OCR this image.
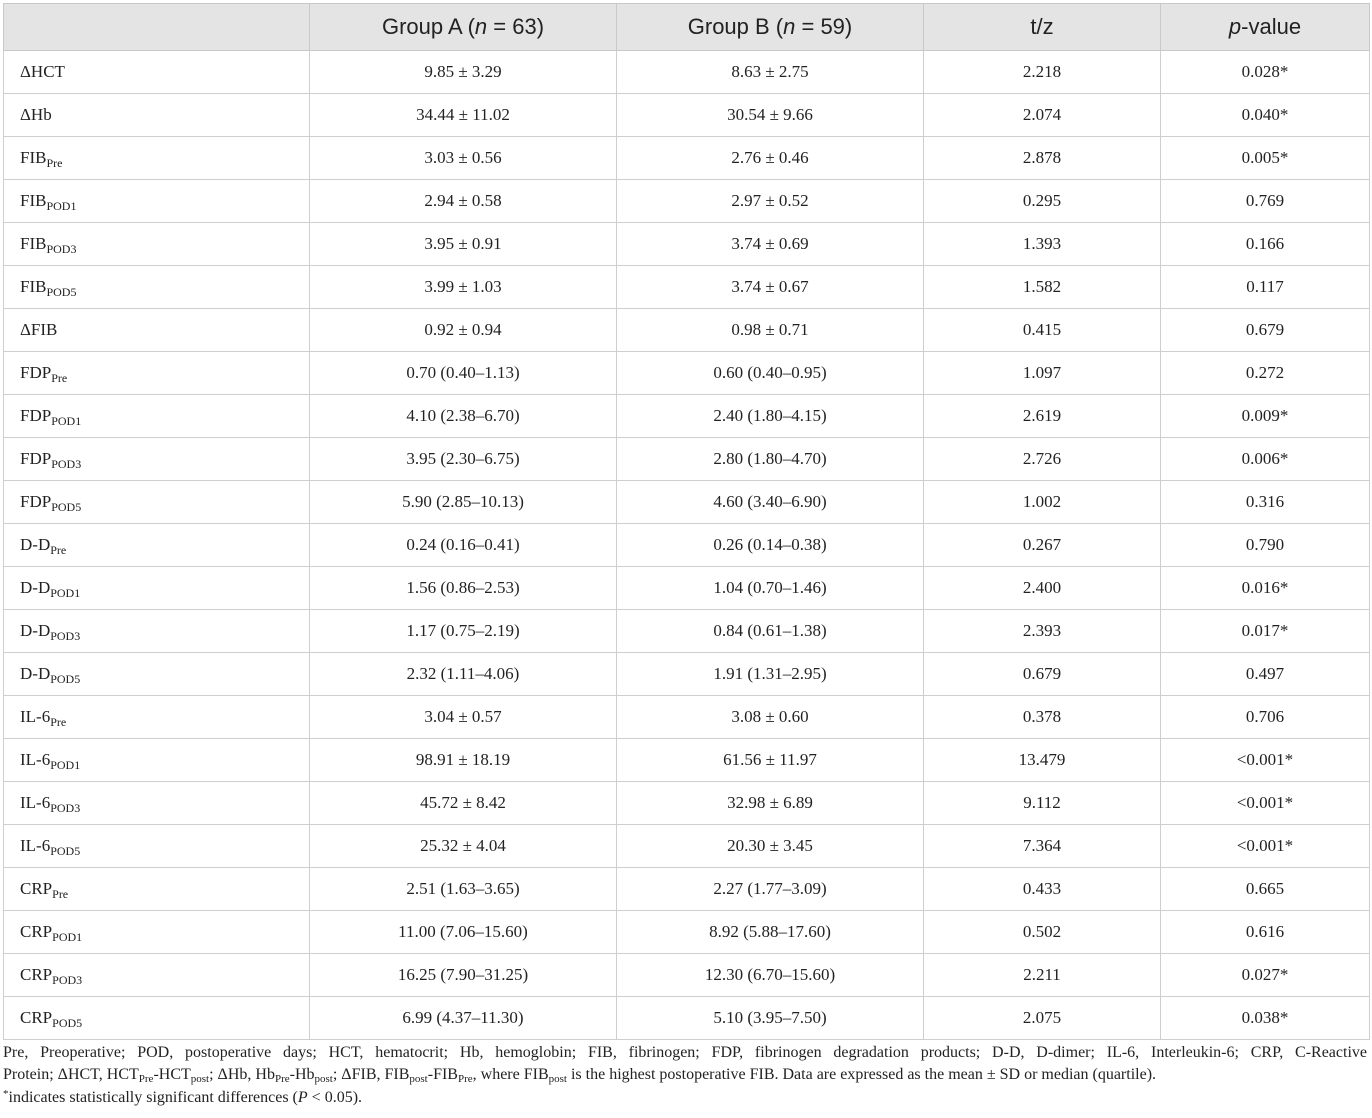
	Group A (n = 63)	Group B (n = 59)	t/z	p-value
ΔHCT	9.85 ± 3.29	8.63 ± 2.75	2.218	0.028*
ΔHb	34.44 ± 11.02	30.54 ± 9.66	2.074	0.040*
$FIB_{Pre}$	3.03 ± 0.56	2.76 ± 0.46	2.878	0.005*
$FIB_{POD1}$	2.94 ± 0.58	2.97 ± 0.52	0.295	0.769
$FIB_{POD3}$	3.95 ± 0.91	3.74 ± 0.69	1.393	0.166
$FIB_{POD5}$	3.99 ± 1.03	3.74 ± 0.67	1.582	0.117
ΔFIB	0.92 ± 0.94	0.98 ± 0.71	0.415	0.679
$FDP_{Pre}$	0.70 (0.40–1.13)	0.60 (0.40–0.95)	1.097	0.272
$FDP_{POD1}$	4.10 (2.38–6.70)	2.40 (1.80–4.15)	2.619	0.009*
$FDP_{POD3}$	3.95 (2.30–6.75)	2.80 (1.80–4.70)	2.726	0.006*
$FDP_{POD5}$	5.90 (2.85–10.13)	4.60 (3.40–6.90)	1.002	0.316
$D-D_{Pre}$	0.24 (0.16–0.41)	0.26 (0.14–0.38)	0.267	0.790
$D-D_{POD1}$	1.56 (0.86–2.53)	1.04 (0.70–1.46)	2.400	0.016*
$D-D_{POD3}$	1.17 (0.75–2.19)	0.84 (0.61–1.38)	2.393	0.017*
$D-D_{POD5}$	2.32 (1.11–4.06)	1.91 (1.31–2.95)	0.679	0.497
$IL-6_{Pre}$	3.04 ± 0.57	3.08 ± 0.60	0.378	0.706
$IL-6_{POD1}$	98.91 ± 18.19	61.56 ± 11.97	13.479	<0.001*
$IL-6_{POD3}$	45.72 ± 8.42	32.98 ± 6.89	9.112	<0.001*
$IL-6_{POD5}$	25.32 ± 4.04	20.30 ± 3.45	7.364	<0.001*
$CRP_{Pre}$	2.51 (1.63–3.65)	2.27 (1.77–3.09)	0.433	0.665
$CRP_{POD1}$	11.00 (7.06–15.60)	8.92 (5.88–17.60)	0.502	0.616
$CRP_{POD3}$	16.25 (7.90–31.25)	12.30 (6.70–15.60)	2.211	0.027*
$CRP_{POD5}$	6.99 (4.37–11.30)	5.10 (3.95–7.50)	2.075	0.038*

Pre, Preoperative; POD, postoperative days; HCT, hematocrit; Hb, hemoglobin; FIB, fibrinogen; FDP, fibrinogen degradation products; D-D, D-dimer; IL-6, Interleukin-6; CRP, C-Reactive

Protein; ΔHCT, HCTPre-HCTpost; ΔHb, HbPre-Hbpost; ΔFIB, FIBpost-FIBPre, where FIBpost is the highest postoperative FIB. Data are expressed as the mean ± SD or median (quartile).

*indicates statistically significant differences (P < 0.05).
